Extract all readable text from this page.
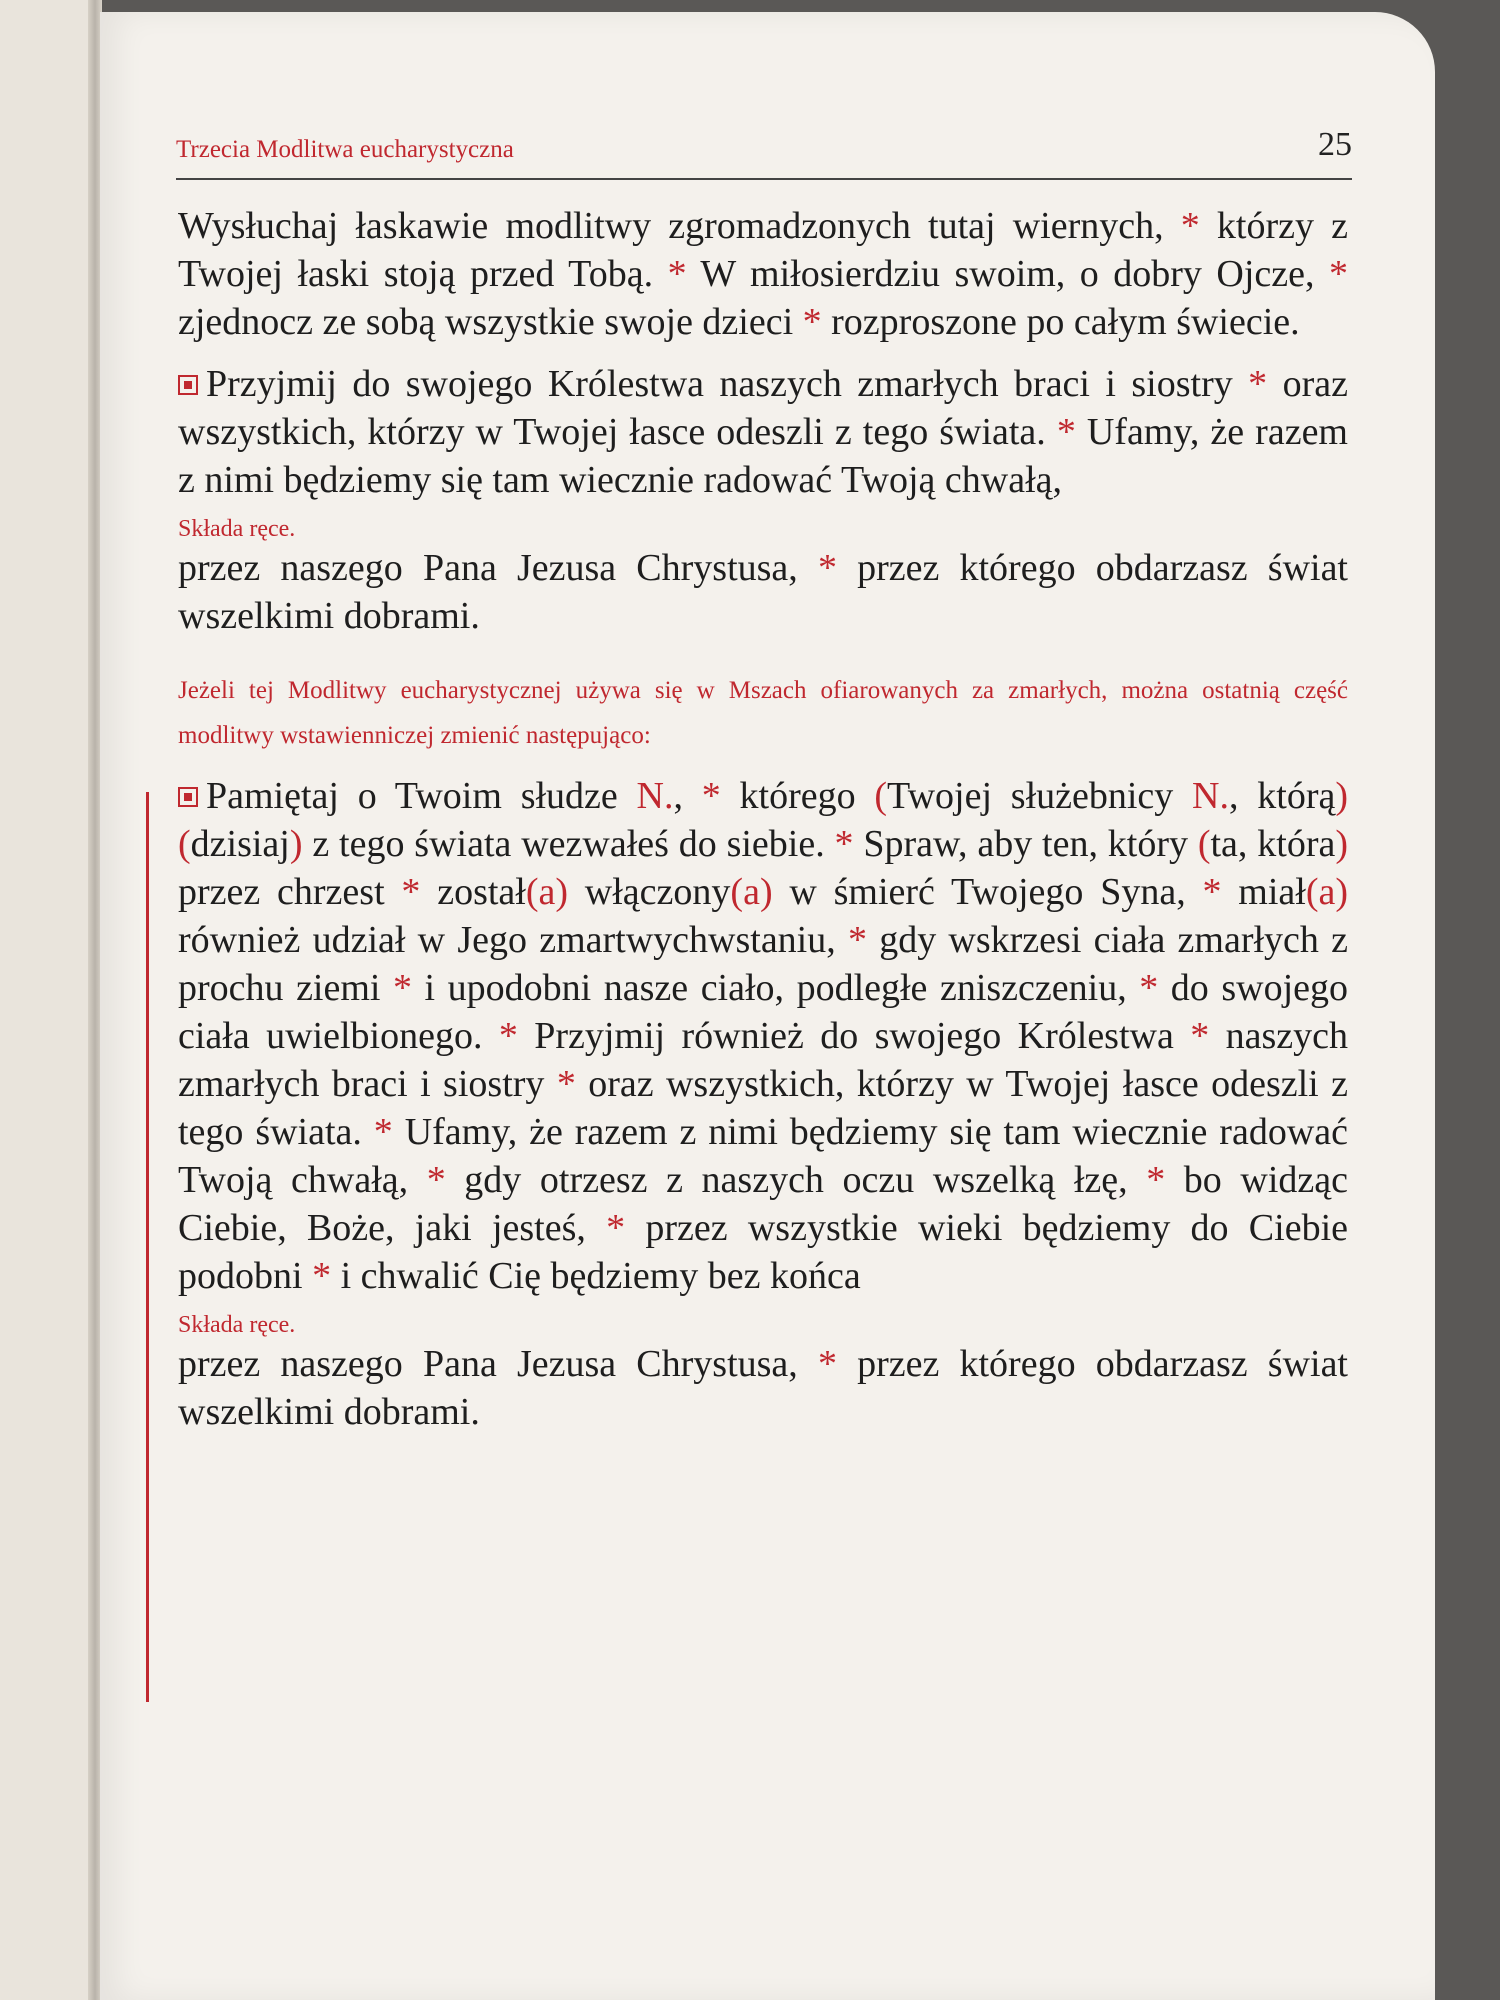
Trzecia Modlitwa eucharystyczna	25

Wysłuchaj łaskawie modlitwy zgromadzonych tutaj wiernych, * którzy z Twojej łaski stoją przed Tobą. * W miłosierdziu swoim, o dobry Ojcze, * zjednocz ze sobą wszystkie swoje dzieci * rozproszone po całym świecie.

Przyjmij do swojego Królestwa naszych zmarłych braci i siostry * oraz wszystkich, którzy w Twojej łasce odeszli z tego świata. * Ufamy, że razem z nimi będziemy się tam wiecznie radować Twoją chwałą,

Składa ręce.

przez naszego Pana Jezusa Chrystusa, * przez którego obdarzasz świat wszelkimi dobrami.

Jeżeli tej Modlitwy eucharystycznej używa się w Mszach ofiarowanych za zmarłych, można ostatnią część modlitwy wstawienniczej zmienić następująco:

Pamiętaj o Twoim słudze N., * którego (Twojej służebnicy N., którą) (dzisiaj) z tego świata wezwałeś do siebie. * Spraw, aby ten, który (ta, która) przez chrzest * został(a) włączony(a) w śmierć Twojego Syna, * miał(a) również udział w Jego zmartwychwstaniu, * gdy wskrzesi ciała zmarłych z prochu ziemi * i upodobni nasze ciało, podległe zniszczeniu, * do swojego ciała uwielbionego. * Przyjmij również do swojego Królestwa * naszych zmarłych braci i siostry * oraz wszystkich, którzy w Twojej łasce odeszli z tego świata. * Ufamy, że razem z nimi będziemy się tam wiecznie radować Twoją chwałą, * gdy otrzesz z naszych oczu wszelką łzę, * bo widząc Ciebie, Boże, jaki jesteś, * przez wszystkie wieki będziemy do Ciebie podobni * i chwalić Cię będziemy bez końca

Składa ręce.

przez naszego Pana Jezusa Chrystusa, * przez którego obdarzasz świat wszelkimi dobrami.
